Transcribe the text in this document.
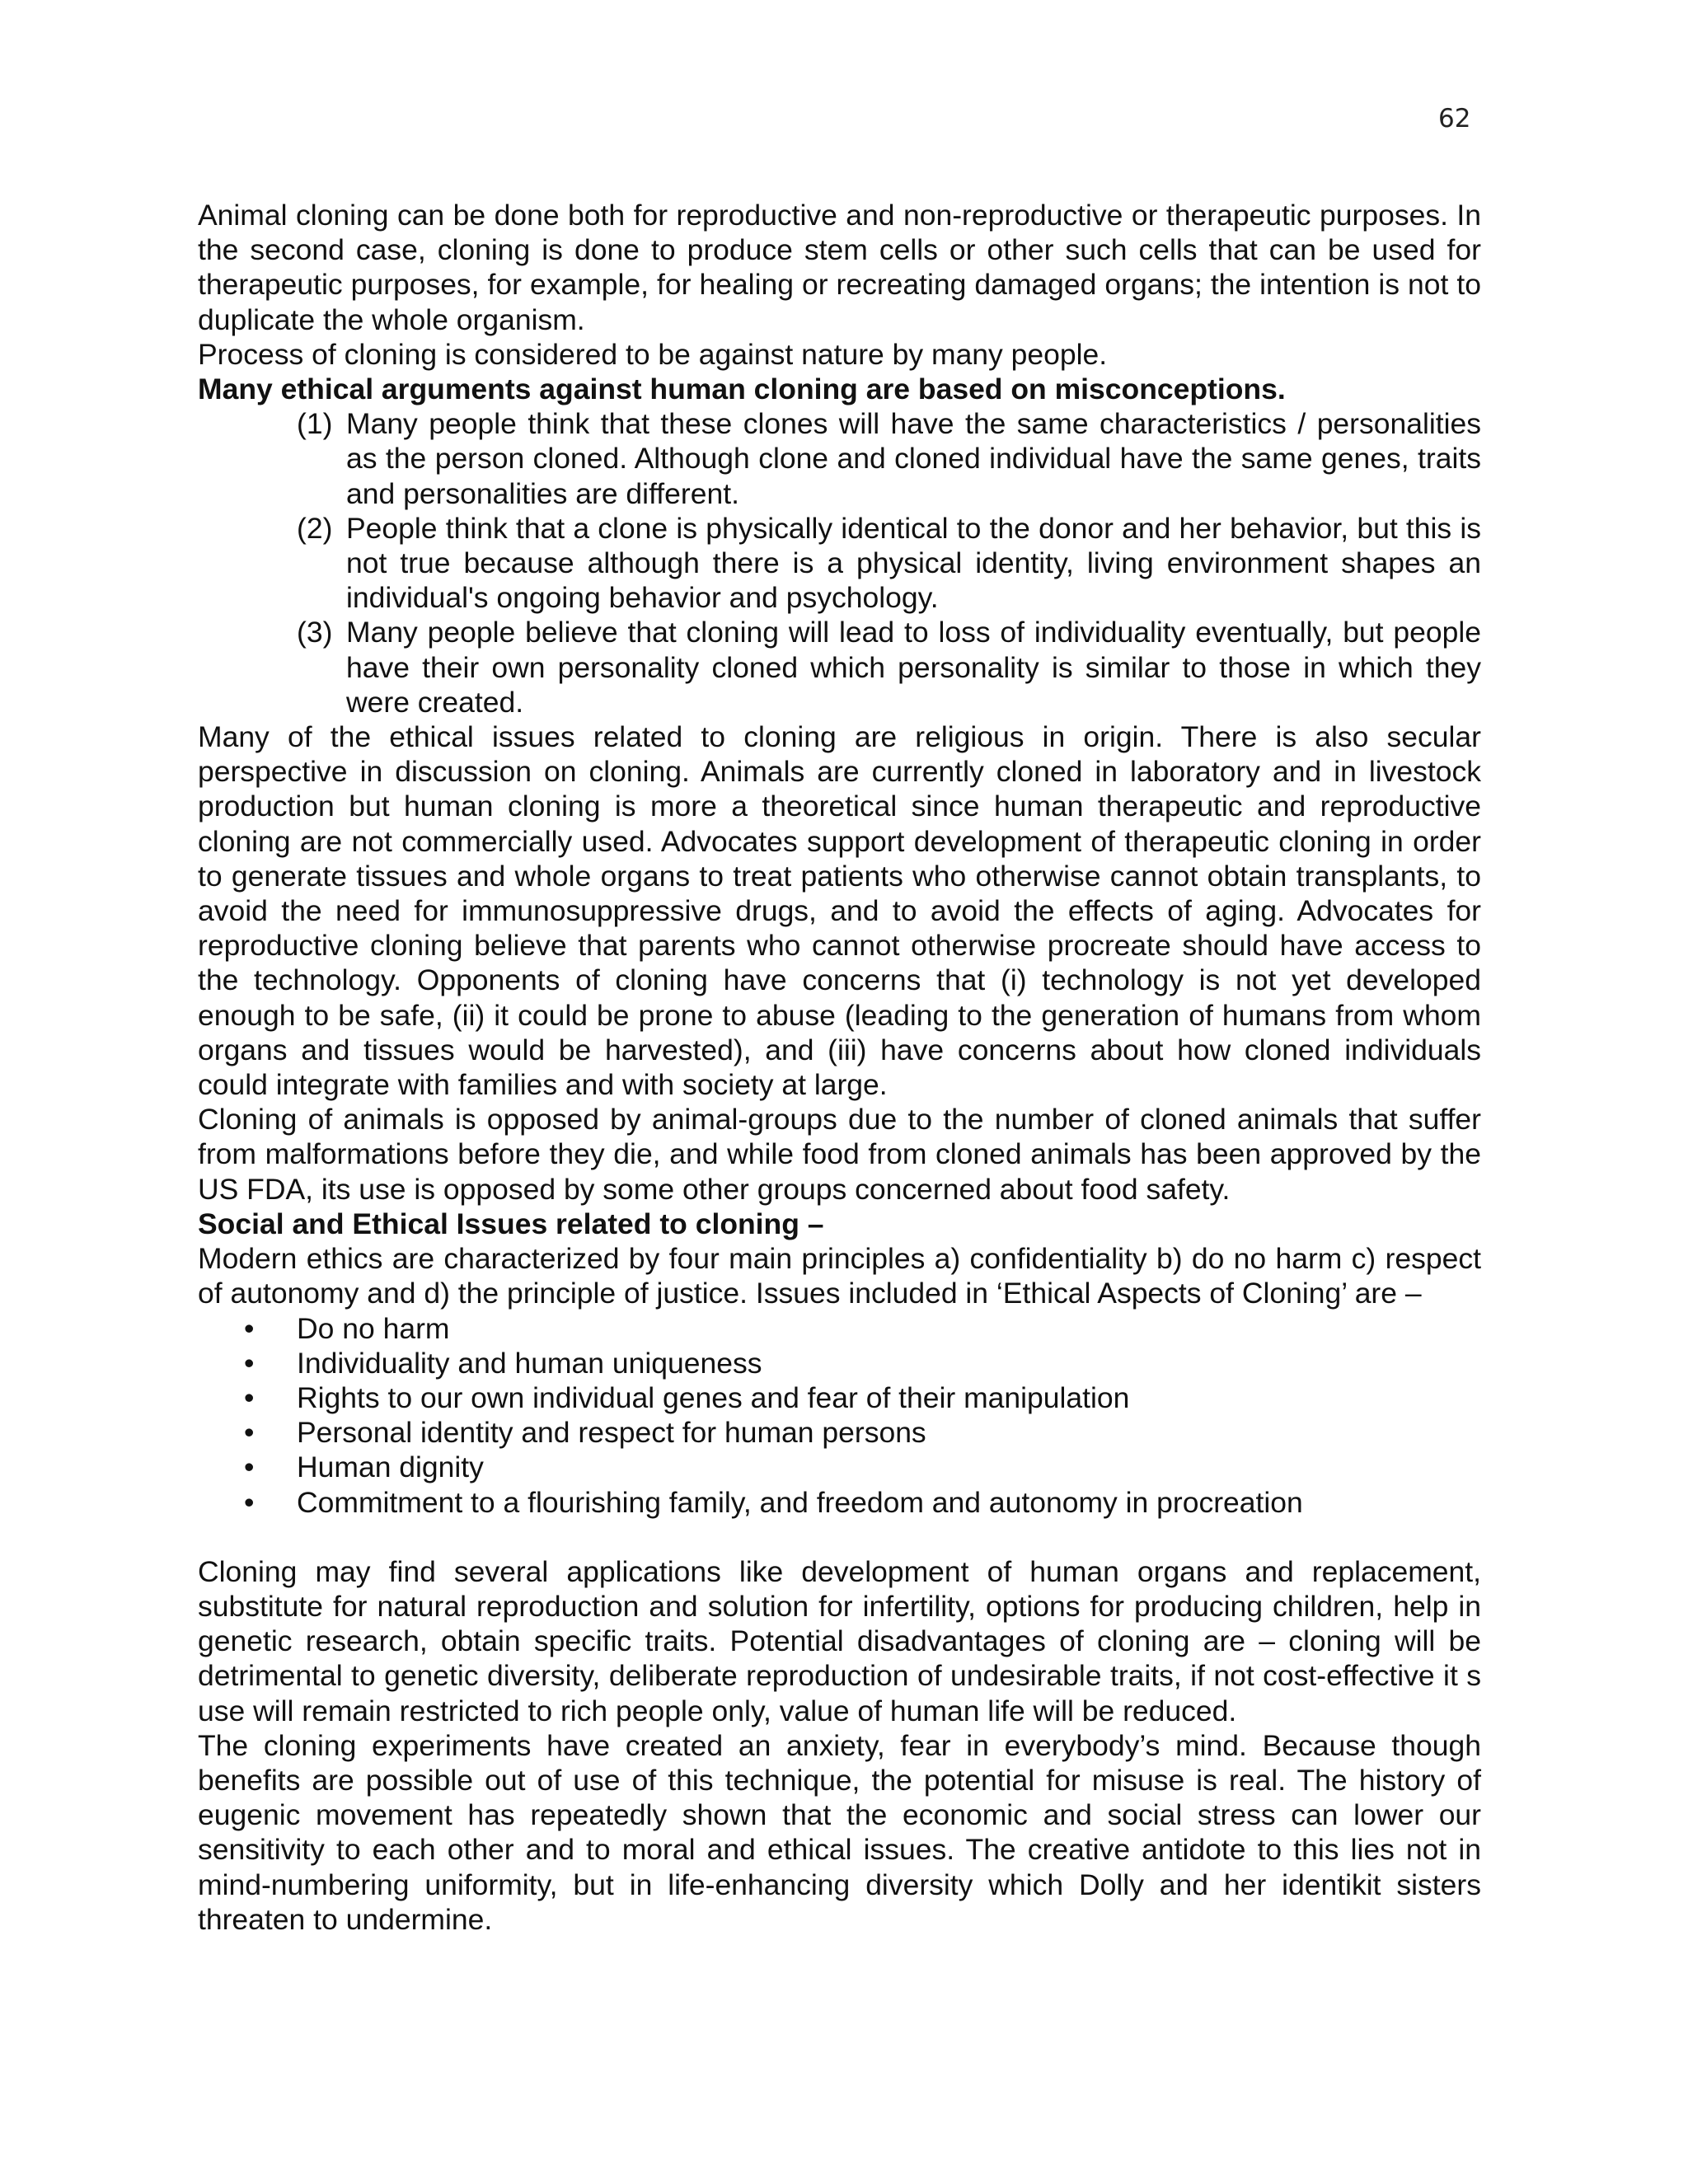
62

Animal cloning can be done both for reproductive and non-reproductive or therapeutic purposes. In the second case, cloning is done to produce stem cells or other such cells that can be used for therapeutic purposes, for example, for healing or recreating damaged organs; the intention is not to duplicate the whole organism.

Process of cloning is considered to be against nature by many people.

Many ethical arguments against human cloning are based on misconceptions.

(1) Many people think that these clones will have the same characteristics / personalities as the person cloned. Although clone and cloned individual have the same genes, traits and personalities are different.
(2) People think that a clone is physically identical to the donor and her behavior, but this is not true because although there is a physical identity, living environment shapes an individual's ongoing behavior and psychology.
(3) Many people believe that cloning will lead to loss of individuality eventually, but people have their own personality cloned which personality is similar to those in which they were created.

Many of the ethical issues related to cloning are religious in origin. There is also secular perspective in discussion on cloning. Animals are currently cloned in laboratory and in livestock production but human cloning is more a theoretical since human therapeutic and reproductive cloning are not commercially used. Advocates support development of therapeutic cloning in order to generate tissues and whole organs to treat patients who otherwise cannot obtain transplants, to avoid the need for immunosuppressive drugs, and to avoid the effects of aging. Advocates for reproductive cloning believe that parents who cannot otherwise procreate should have access to the technology. Opponents of cloning have concerns that (i) technology is not yet developed enough to be safe, (ii) it could be prone to abuse (leading to the generation of humans from whom organs and tissues would be harvested), and (iii) have concerns about how cloned individuals could integrate with families and with society at large.

Cloning of animals is opposed by animal-groups due to the number of cloned animals that suffer from malformations before they die, and while food from cloned animals has been approved by the US FDA, its use is opposed by some other groups concerned about food safety.

Social and Ethical Issues related to cloning –

Modern ethics are characterized by four main principles a) confidentiality b) do no harm c) respect of autonomy and d) the principle of justice. Issues included in ‘Ethical Aspects of Cloning’ are –

• Do no harm
• Individuality and human uniqueness
• Rights to our own individual genes and fear of their manipulation
• Personal identity and respect for human persons
• Human dignity
• Commitment to a flourishing family, and freedom and autonomy in procreation

Cloning may find several applications like development of human organs and replacement, substitute for natural reproduction and solution for infertility, options for producing children, help in genetic research, obtain specific traits. Potential disadvantages of cloning are – cloning will be detrimental to genetic diversity, deliberate reproduction of undesirable traits, if not cost-effective it s use will remain restricted to rich people only, value of human life will be reduced.

The cloning experiments have created an anxiety, fear in everybody’s mind. Because though benefits are possible out of use of this technique, the potential for misuse is real. The history of eugenic movement has repeatedly shown that the economic and social stress can lower our sensitivity to each other and to moral and ethical issues. The creative antidote to this lies not in mind-numbering uniformity, but in life-enhancing diversity which Dolly and her identikit sisters threaten to undermine.
